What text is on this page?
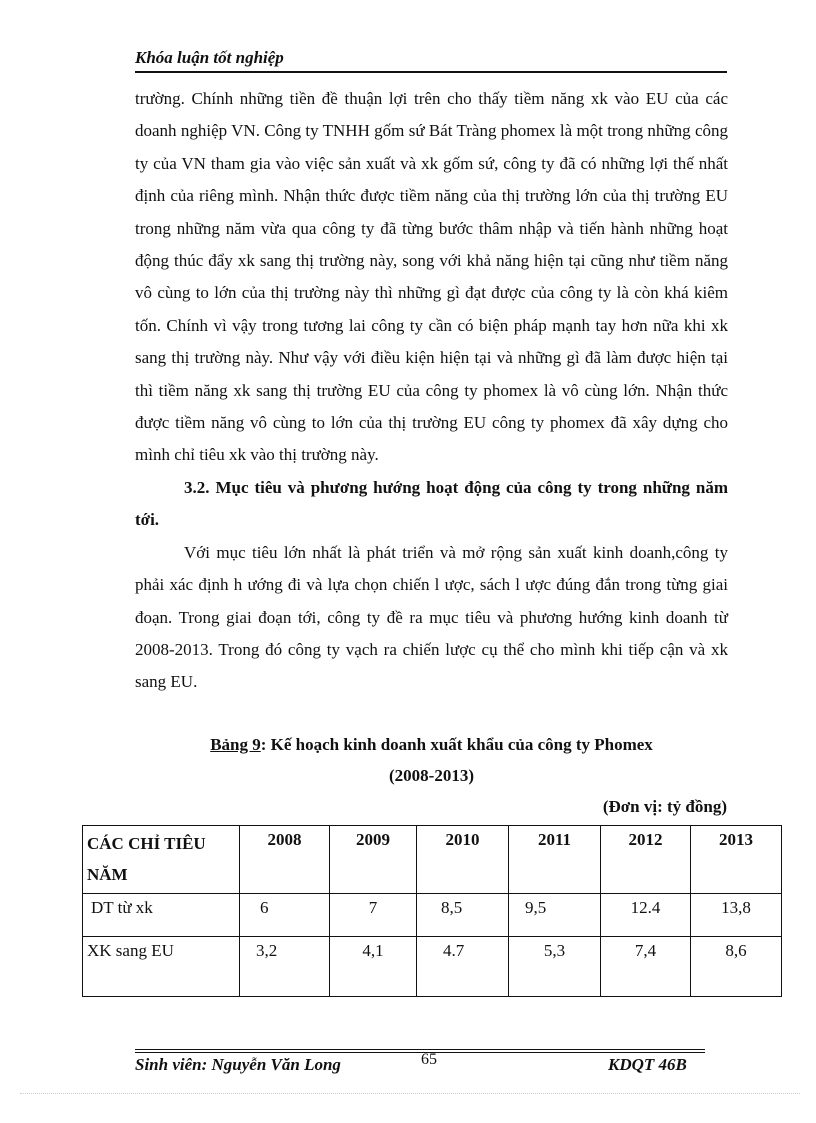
Khóa luận tốt nghiệp

trường. Chính những tiền đề thuận lợi trên cho thấy tiềm năng xk vào EU của các doanh nghiệp VN. Công ty TNHH gốm sứ Bát Tràng phomex là một trong những công ty của VN tham gia vào việc sản xuất và xk gốm sứ, công ty đã có những lợi thế nhất định của riêng mình. Nhận thức được tiềm năng của thị trường lớn của thị trường EU trong những năm vừa qua công ty đã từng bước thâm nhập và tiến hành những hoạt động thúc đẩy xk sang thị trường này, song với khả năng hiện tại cũng như tiềm năng vô cùng to lớn của thị trường này thì những gì đạt được của công ty là còn khá kiêm tốn. Chính vì vậy trong tương lai công ty cần có biện pháp mạnh tay hơn nữa khi xk sang thị trường này. Như vậy với điều kiện hiện tại và những gì đã làm được hiện tại thì tiềm năng xk sang thị trường EU của công ty phomex là vô cùng lớn. Nhận thức được tiềm năng vô cùng to lớn của thị trường EU công ty phomex đã xây dựng cho mình chỉ tiêu xk vào thị trường này.

3.2. Mục tiêu và phương hướng hoạt động của công ty trong những năm tới.

Với mục tiêu lớn nhất là phát triển và mở rộng sản xuất kinh doanh,công ty phải xác định h ướng đi và lựa chọn chiến l ược, sách l ược đúng đắn trong từng giai đoạn. Trong giai đoạn tới, công ty đề ra mục tiêu và phương hướng kinh doanh từ 2008-2013. Trong đó công ty vạch ra chiến lược cụ thể cho mình khi tiếp cận và xk sang EU.

Bảng 9: Kế hoạch kinh doanh xuất khẩu của công ty Phomex
(2008-2013)
(Đơn vị: tỷ đồng)
CÁC CHỈ TIÊU
NĂM	2008	2009	2010	2011	2012	2013
DT từ xk	6	7	8,5	9,5	12.4	13,8
XK sang EU	3,2	4,1	4.7	5,3	7,4	8,6
Sinh viên: Nguyễn Văn Long	65	KDQT 46B
